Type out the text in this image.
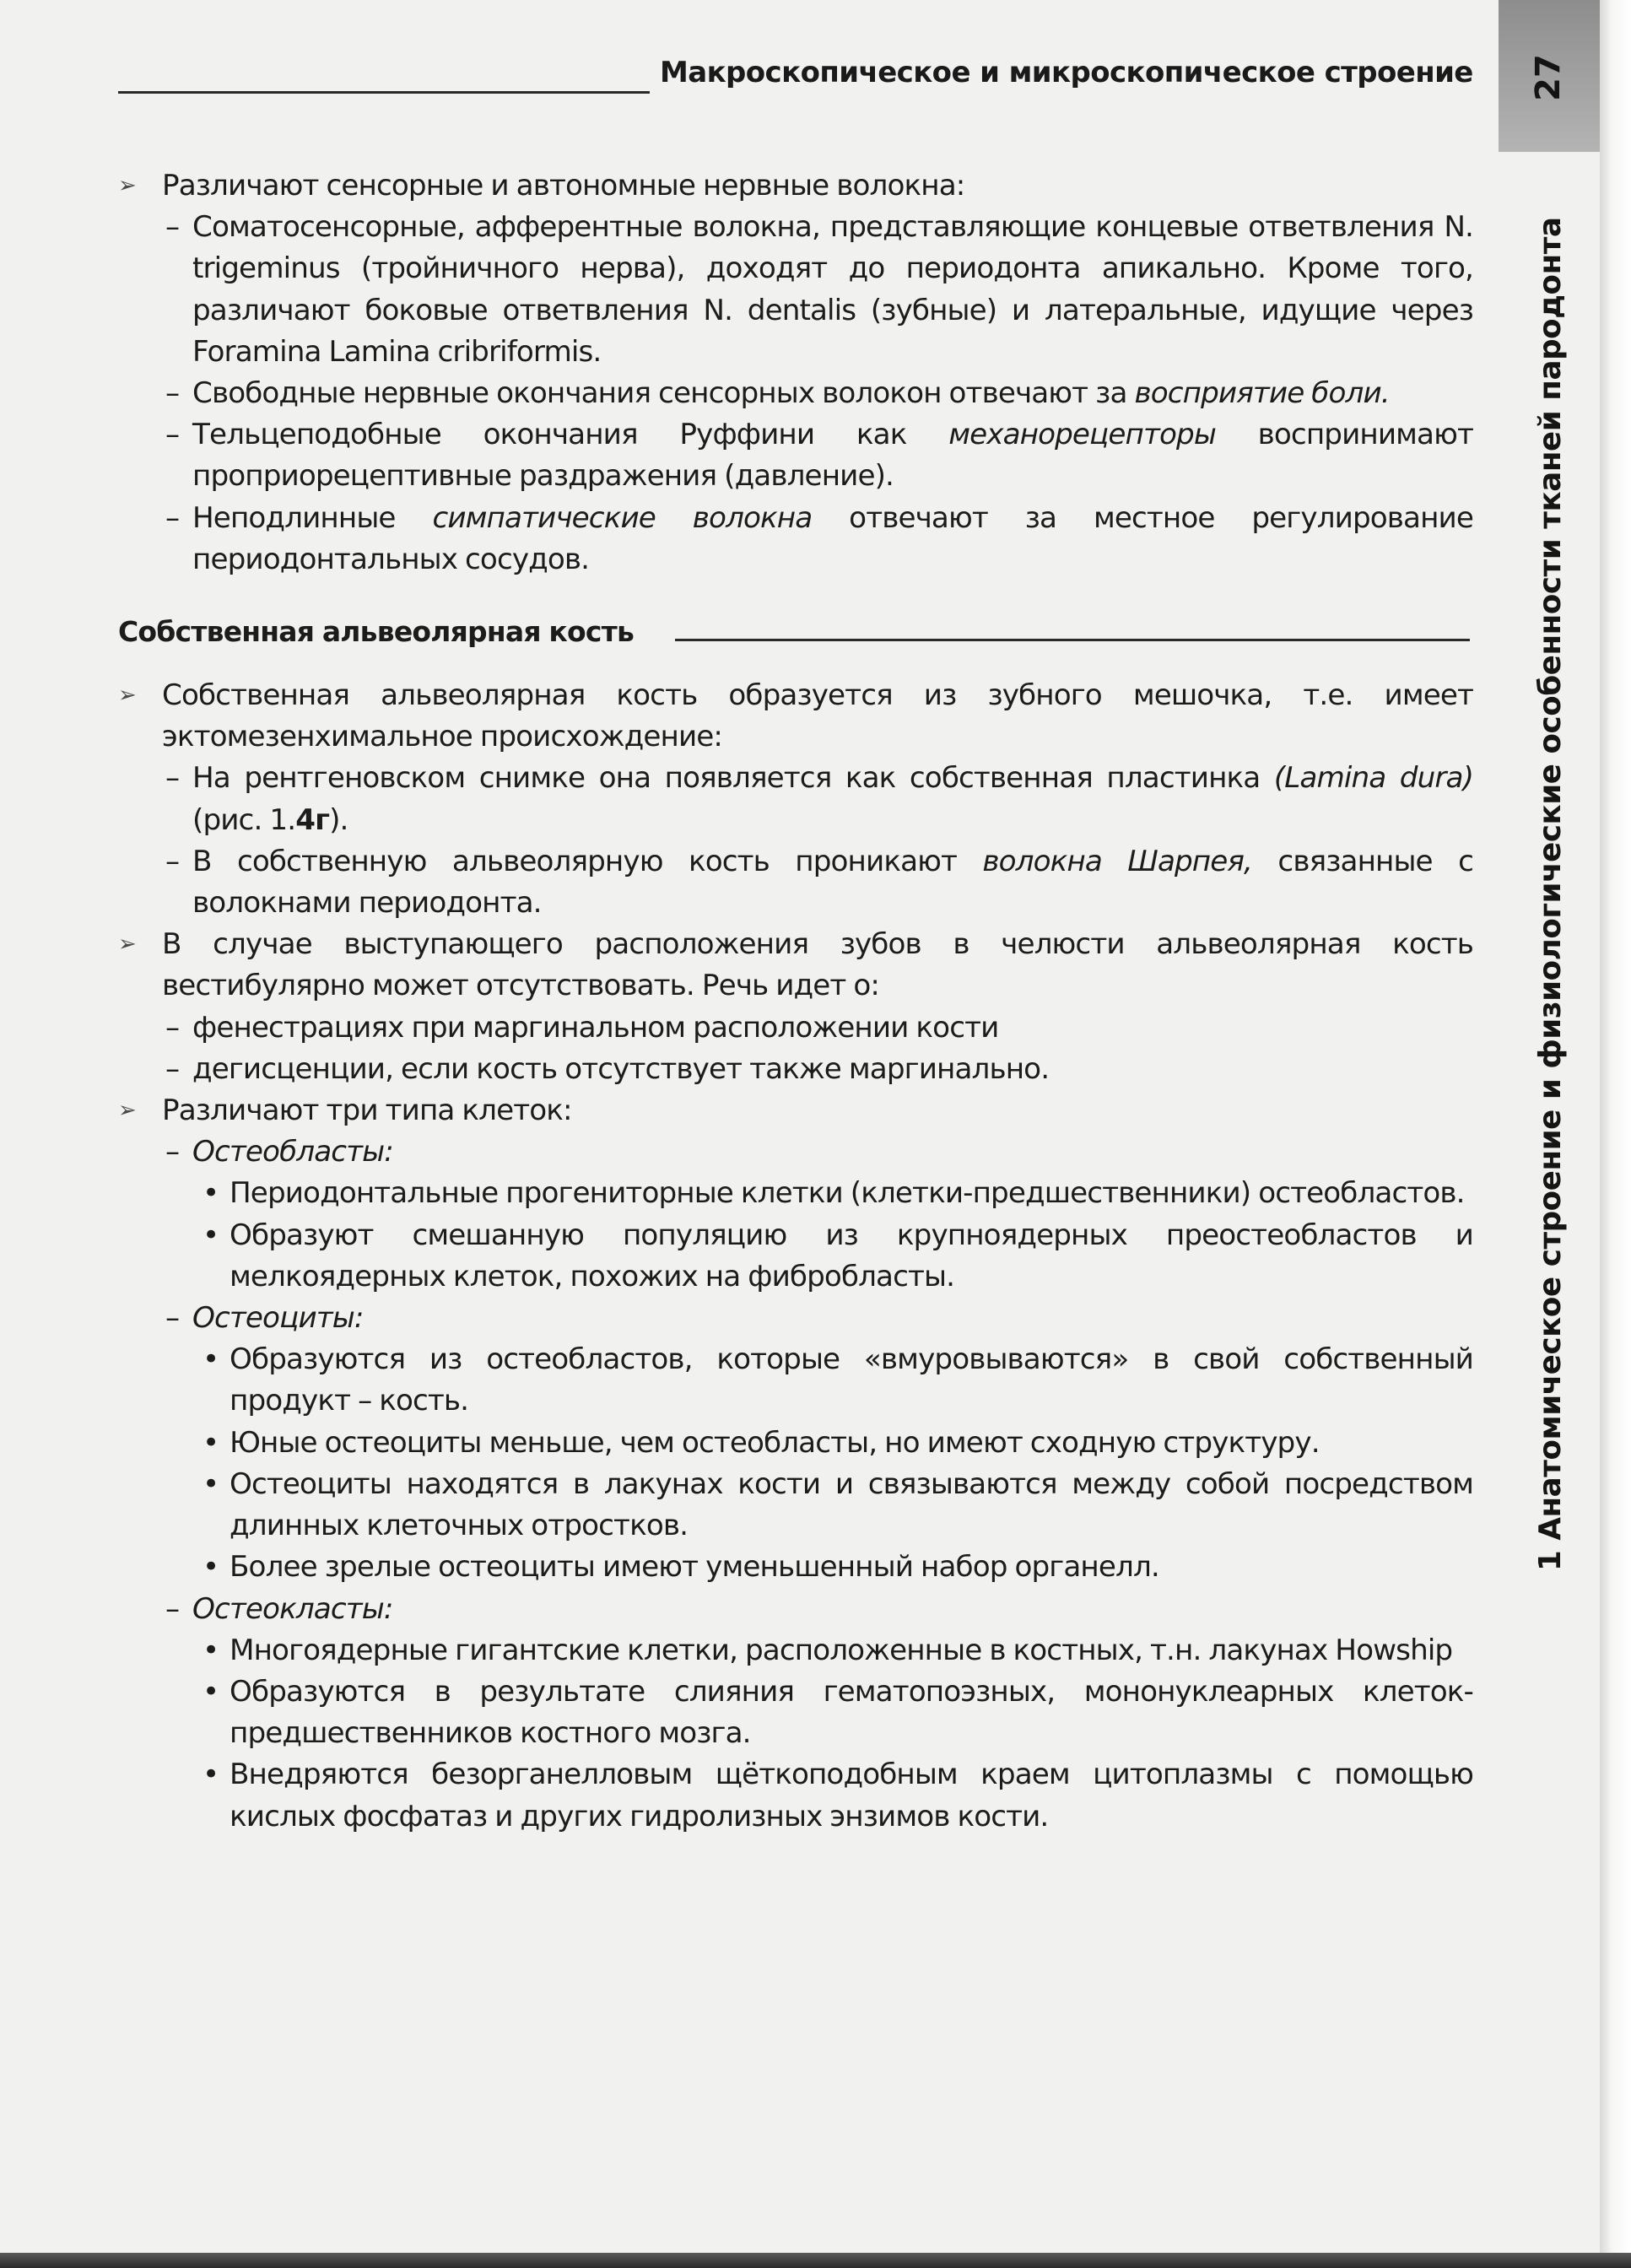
Макроскопическое и микроскопическое строение 27
1 Анатомическое строение и физиологические особенности тканей пародонта
➢ Различают сенсорные и автономные нервные волокна:
– Соматосенсорные, афферентные волокна, представляющие концевые ответвления N. trigeminus (тройничного нерва), доходят до периодонта апикально. Кроме того, различают боковые ответвления N. dentalis (зубные) и латеральные, идущие через Foramina Lamina cribriformis.
– Свободные нервные окончания сенсорных волокон отвечают за восприятие боли.
– Тельцеподобные окончания Руффини как механорецепторы воспринимают проприорецептивные раздражения (давление).
– Неподлинные симпатические волокна отвечают за местное регулирование периодонтальных сосудов.
Собственная альвеолярная кость
➢ Собственная альвеолярная кость образуется из зубного мешочка, т.е. имеет эктомезенхимальное происхождение:
– На рентгеновском снимке она появляется как собственная пластинка (Lamina dura) (рис. 1.4г).
– В собственную альвеолярную кость проникают волокна Шарпея, связанные с волокнами периодонта.
➢ В случае выступающего расположения зубов в челюсти альвеолярная кость вестибулярно может отсутствовать. Речь идет о:
– фенестрациях при маргинальном расположении кости
– дегисценции, если кость отсутствует также маргинально.
➢ Различают три типа клеток:
– Остеобласты:
• Периодонтальные прогениторные клетки (клетки-предшественники) остеобластов.
• Образуют смешанную популяцию из крупноядерных преостеобластов и мелкоядерных клеток, похожих на фибробласты.
– Остеоциты:
• Образуются из остеобластов, которые «вмуровываются» в свой собственный продукт – кость.
• Юные остеоциты меньше, чем остеобласты, но имеют сходную структуру.
• Остеоциты находятся в лакунах кости и связываются между собой посредством длинных клеточных отростков.
• Более зрелые остеоциты имеют уменьшенный набор органелл.
– Остеокласты:
• Многоядерные гигантские клетки, расположенные в костных, т.н. лакунах Howship
• Образуются в результате слияния гематопоэзных, мононуклеарных клеток-предшественников костного мозга.
• Внедряются безорганелловым щёткоподобным краем цитоплазмы с помощью кислых фосфатаз и других гидролизных энзимов кости.
